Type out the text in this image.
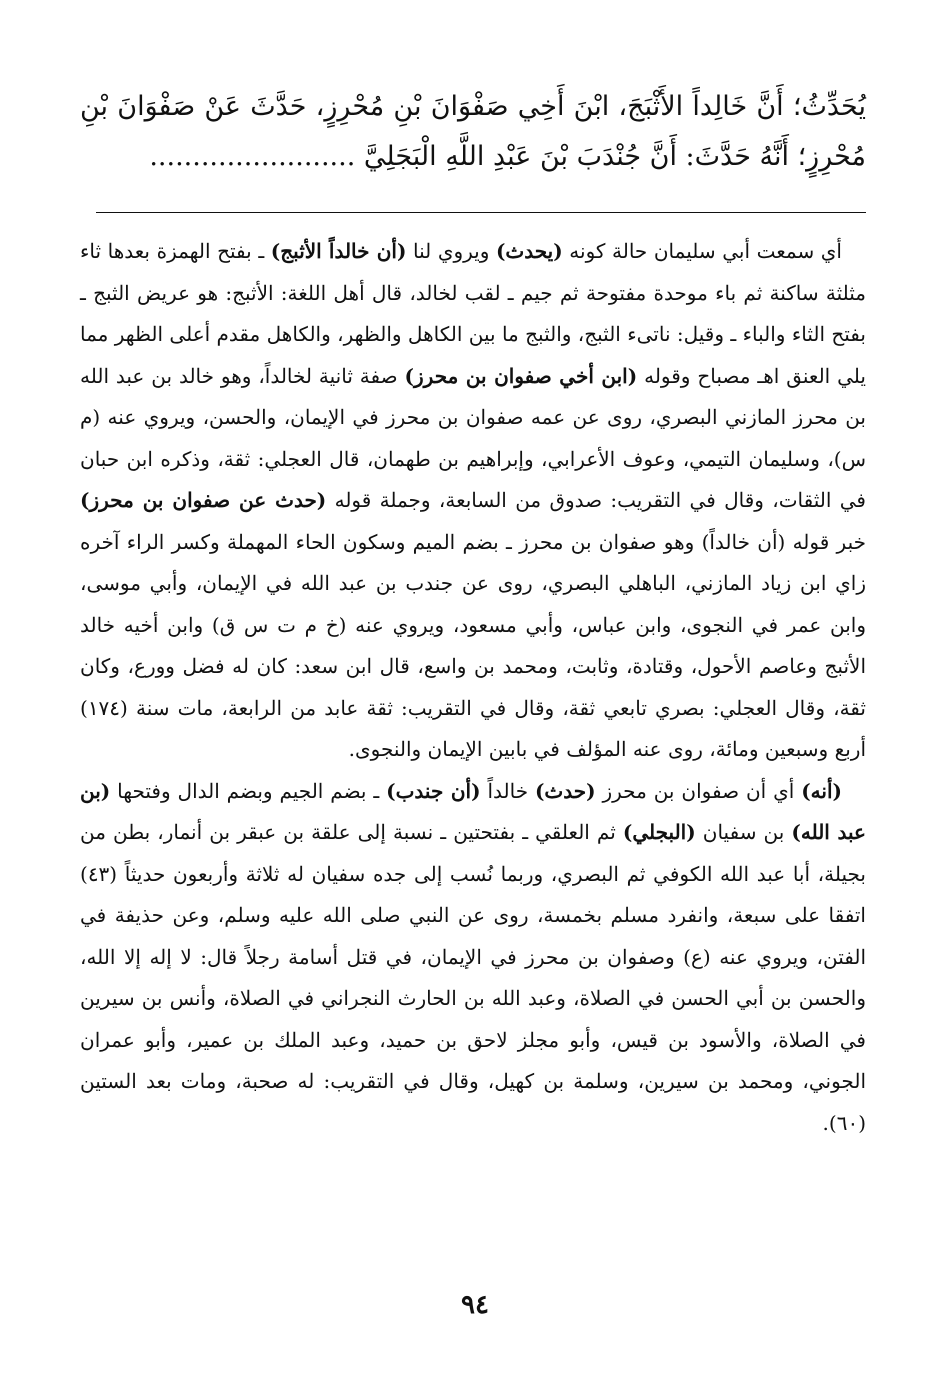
يُحَدِّثُ؛ أَنَّ خَالِداً الأَثْبَجَ، ابْنَ أَخِي صَفْوَانَ بْنِ مُحْرِزٍ، حَدَّثَ عَنْ صَفْوَانَ بْنِ مُحْرِزٍ؛ أَنَّهُ حَدَّثَ: أَنَّ جُنْدَبَ بْنَ عَبْدِ اللَّهِ الْبَجَلِيَّ ........................

أي سمعت أبي سليمان حالة كونه (يحدث) ويروي لنا (أن خالداً الأثبج) ـ بفتح الهمزة بعدها ثاء مثلثة ساكنة ثم باء موحدة مفتوحة ثم جيم ـ لقب لخالد، قال أهل اللغة: الأثبج: هو عريض الثبج ـ بفتح الثاء والباء ـ وقيل: ناتىء الثبج، والثبج ما بين الكاهل والظهر، والكاهل مقدم أعلى الظهر مما يلي العنق اهـ مصباح وقوله (ابن أخي صفوان بن محرز) صفة ثانية لخالداً، وهو خالد بن عبد الله بن محرز المازني البصري، روى عن عمه صفوان بن محرز في الإيمان، والحسن، ويروي عنه (م س)، وسليمان التيمي، وعوف الأعرابي، وإبراهيم بن طهمان، قال العجلي: ثقة، وذكره ابن حبان في الثقات، وقال في التقريب: صدوق من السابعة، وجملة قوله (حدث عن صفوان بن محرز) خبر قوله (أن خالداً) وهو صفوان بن محرز ـ بضم الميم وسكون الحاء المهملة وكسر الراء آخره زاي ابن زياد المازني، الباهلي البصري، روى عن جندب بن عبد الله في الإيمان، وأبي موسى، وابن عمر في النجوى، وابن عباس، وأبي مسعود، ويروي عنه (خ م ت س ق) وابن أخيه خالد الأثبج وعاصم الأحول، وقتادة، وثابت، ومحمد بن واسع، قال ابن سعد: كان له فضل وورع، وكان ثقة، وقال العجلي: بصري تابعي ثقة، وقال في التقريب: ثقة عابد من الرابعة، مات سنة (١٧٤) أربع وسبعين ومائة، روى عنه المؤلف في بابين الإيمان والنجوى.

(أنه) أي أن صفوان بن محرز (حدث) خالداً (أن جندب) ـ بضم الجيم وبضم الدال وفتحها (بن عبد الله) بن سفيان (البجلي) ثم العلقي ـ بفتحتين ـ نسبة إلى علقة بن عبقر بن أنمار، بطن من بجيلة، أبا عبد الله الكوفي ثم البصري، وربما نُسب إلى جده سفيان له ثلاثة وأربعون حديثاً (٤٣) اتفقا على سبعة، وانفرد مسلم بخمسة، روى عن النبي صلى الله عليه وسلم، وعن حذيفة في الفتن، ويروي عنه (ع) وصفوان بن محرز في الإيمان، في قتل أسامة رجلاً قال: لا إله إلا الله، والحسن بن أبي الحسن في الصلاة، وعبد الله بن الحارث النجراني في الصلاة، وأنس بن سيرين في الصلاة، والأسود بن قيس، وأبو مجلز لاحق بن حميد، وعبد الملك بن عمير، وأبو عمران الجوني، ومحمد بن سيرين، وسلمة بن كهيل، وقال في التقريب: له صحبة، ومات بعد الستين (٦٠).

٩٤
